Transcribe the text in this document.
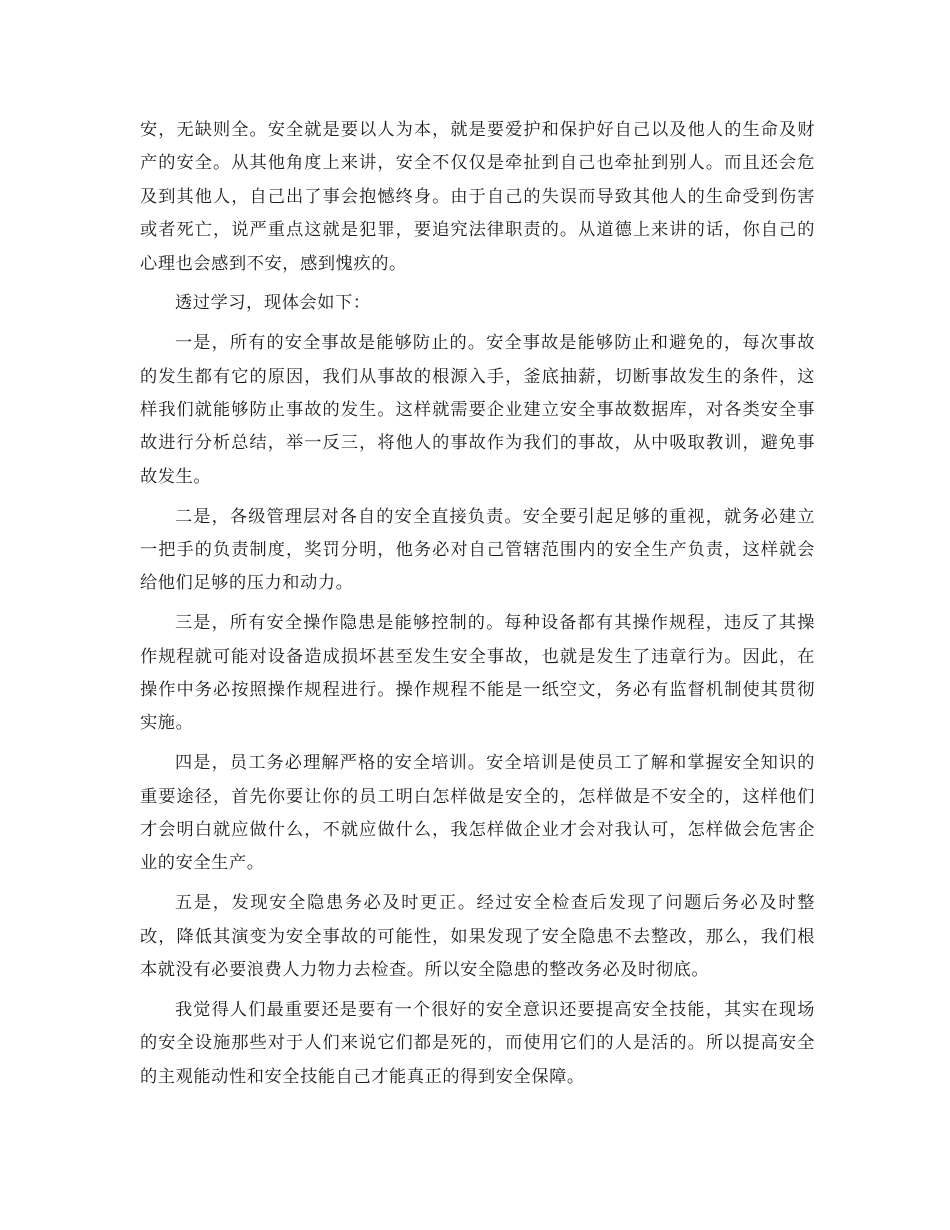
安，无缺则全。安全就是要以人为本，就是要爱护和保护好自己以及他人的生命及财产的安全。从其他角度上来讲，安全不仅仅是牵扯到自己也牵扯到别人。而且还会危及到其他人，自己出了事会抱憾终身。由于自己的失误而导致其他人的生命受到伤害或者死亡，说严重点这就是犯罪，要追究法律职责的。从道德上来讲的话，你自己的心理也会感到不安，感到愧疚的。

透过学习，现体会如下：

一是，所有的安全事故是能够防止的。安全事故是能够防止和避免的，每次事故的发生都有它的原因，我们从事故的根源入手，釜底抽薪，切断事故发生的条件，这样我们就能够防止事故的发生。这样就需要企业建立安全事故数据库，对各类安全事故进行分析总结，举一反三，将他人的事故作为我们的事故，从中吸取教训，避免事故发生。

二是，各级管理层对各自的安全直接负责。安全要引起足够的重视，就务必建立一把手的负责制度，奖罚分明，他务必对自己管辖范围内的安全生产负责，这样就会给他们足够的压力和动力。

三是，所有安全操作隐患是能够控制的。每种设备都有其操作规程，违反了其操作规程就可能对设备造成损坏甚至发生安全事故，也就是发生了违章行为。因此，在操作中务必按照操作规程进行。操作规程不能是一纸空文，务必有监督机制使其贯彻实施。

四是，员工务必理解严格的安全培训。安全培训是使员工了解和掌握安全知识的重要途径，首先你要让你的员工明白怎样做是安全的，怎样做是不安全的，这样他们才会明白就应做什么，不就应做什么，我怎样做企业才会对我认可，怎样做会危害企业的安全生产。

五是，发现安全隐患务必及时更正。经过安全检查后发现了问题后务必及时整改，降低其演变为安全事故的可能性，如果发现了安全隐患不去整改，那么，我们根本就没有必要浪费人力物力去检查。所以安全隐患的整改务必及时彻底。

我觉得人们最重要还是要有一个很好的安全意识还要提高安全技能，其实在现场的安全设施那些对于人们来说它们都是死的，而使用它们的人是活的。所以提高安全的主观能动性和安全技能自己才能真正的得到安全保障。
